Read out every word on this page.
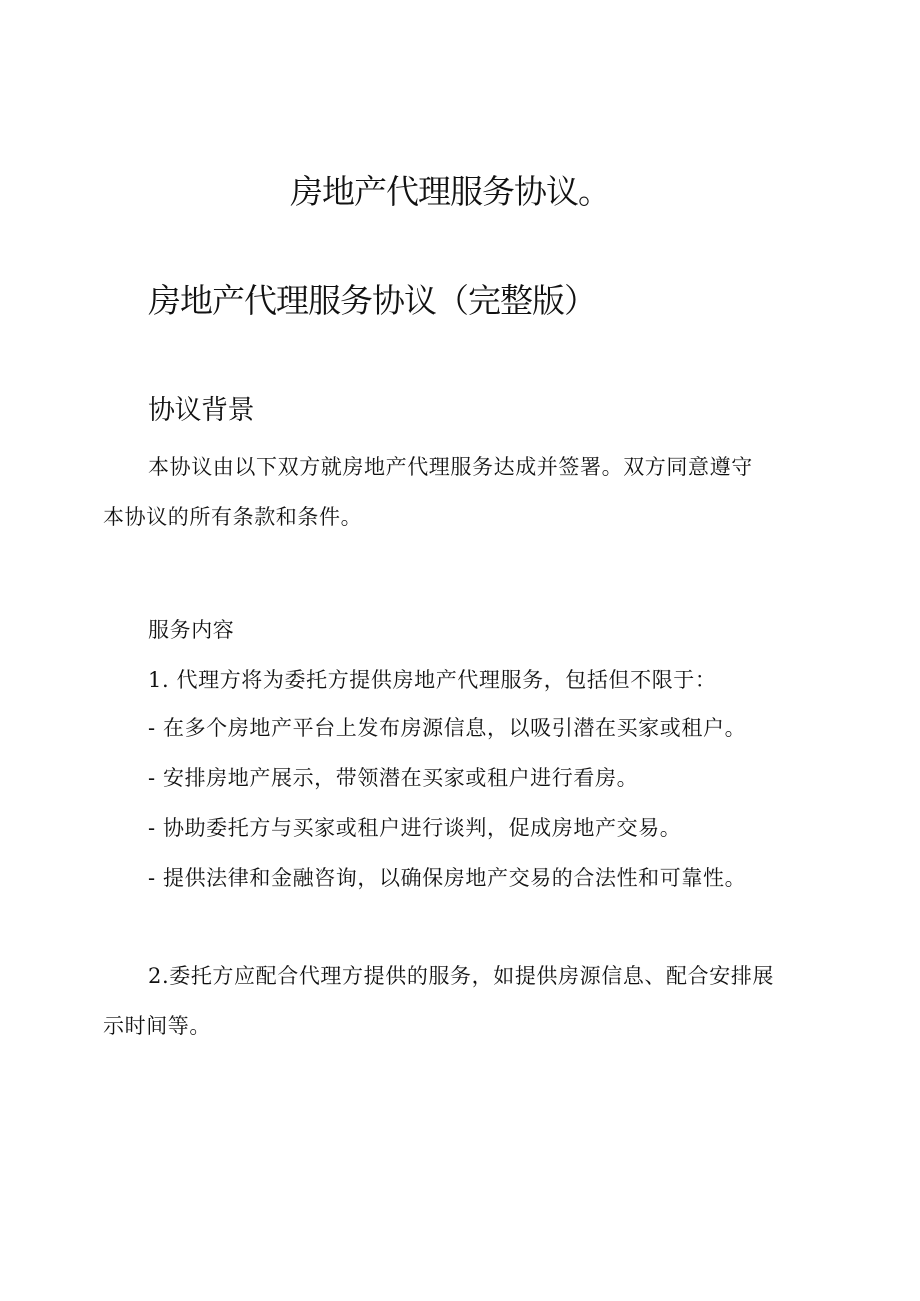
房地产代理服务协议。
房地产代理服务协议（完整版）
协议背景
本协议由以下双方就房地产代理服务达成并签署。双方同意遵守
本协议的所有条款和条件。
服务内容
1. 代理方将为委托方提供房地产代理服务，包括但不限于：
- 在多个房地产平台上发布房源信息，以吸引潜在买家或租户。
- 安排房地产展示，带领潜在买家或租户进行看房。
- 协助委托方与买家或租户进行谈判，促成房地产交易。
- 提供法律和金融咨询，以确保房地产交易的合法性和可靠性。
2.委托方应配合代理方提供的服务，如提供房源信息、配合安排展
示时间等。
